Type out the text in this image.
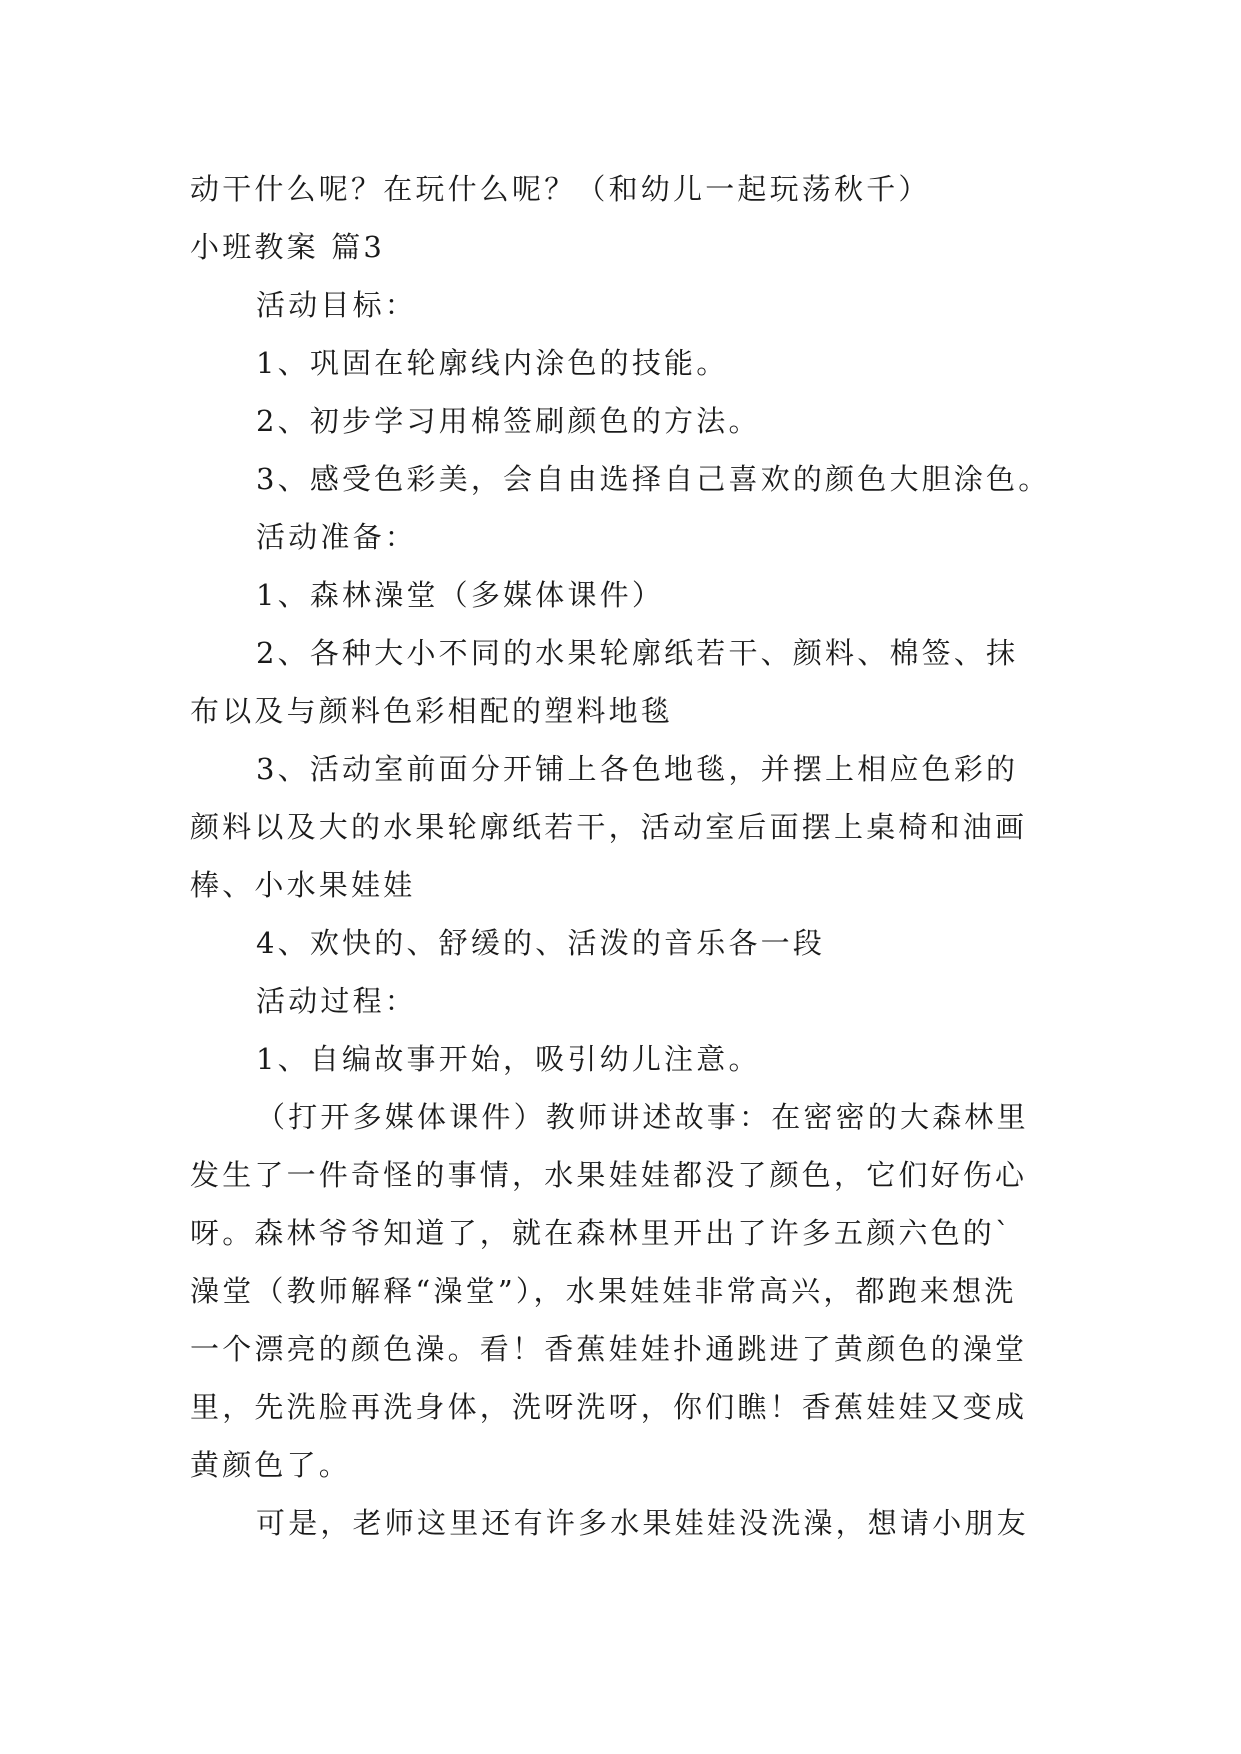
动干什么呢？在玩什么呢？（和幼儿一起玩荡秋千）
小班教案 篇3
活动目标：
1、巩固在轮廓线内涂色的技能。
2、初步学习用棉签刷颜色的方法。
3、感受色彩美，会自由选择自己喜欢的颜色大胆涂色。
活动准备：
1、森林澡堂（多媒体课件）
2、各种大小不同的水果轮廓纸若干、颜料、棉签、抹
布以及与颜料色彩相配的塑料地毯
3、活动室前面分开铺上各色地毯，并摆上相应色彩的
颜料以及大的水果轮廓纸若干，活动室后面摆上桌椅和油画
棒、小水果娃娃
4、欢快的、舒缓的、活泼的音乐各一段
活动过程：
1、自编故事开始，吸引幼儿注意。
（打开多媒体课件）教师讲述故事：在密密的大森林里
发生了一件奇怪的事情，水果娃娃都没了颜色，它们好伤心
呀。森林爷爷知道了，就在森林里开出了许多五颜六色的`
澡堂（教师解释“澡堂”），水果娃娃非常高兴，都跑来想洗
一个漂亮的颜色澡。看！香蕉娃娃扑通跳进了黄颜色的澡堂
里，先洗脸再洗身体，洗呀洗呀，你们瞧！香蕉娃娃又变成
黄颜色了。
可是，老师这里还有许多水果娃娃没洗澡，想请小朋友
